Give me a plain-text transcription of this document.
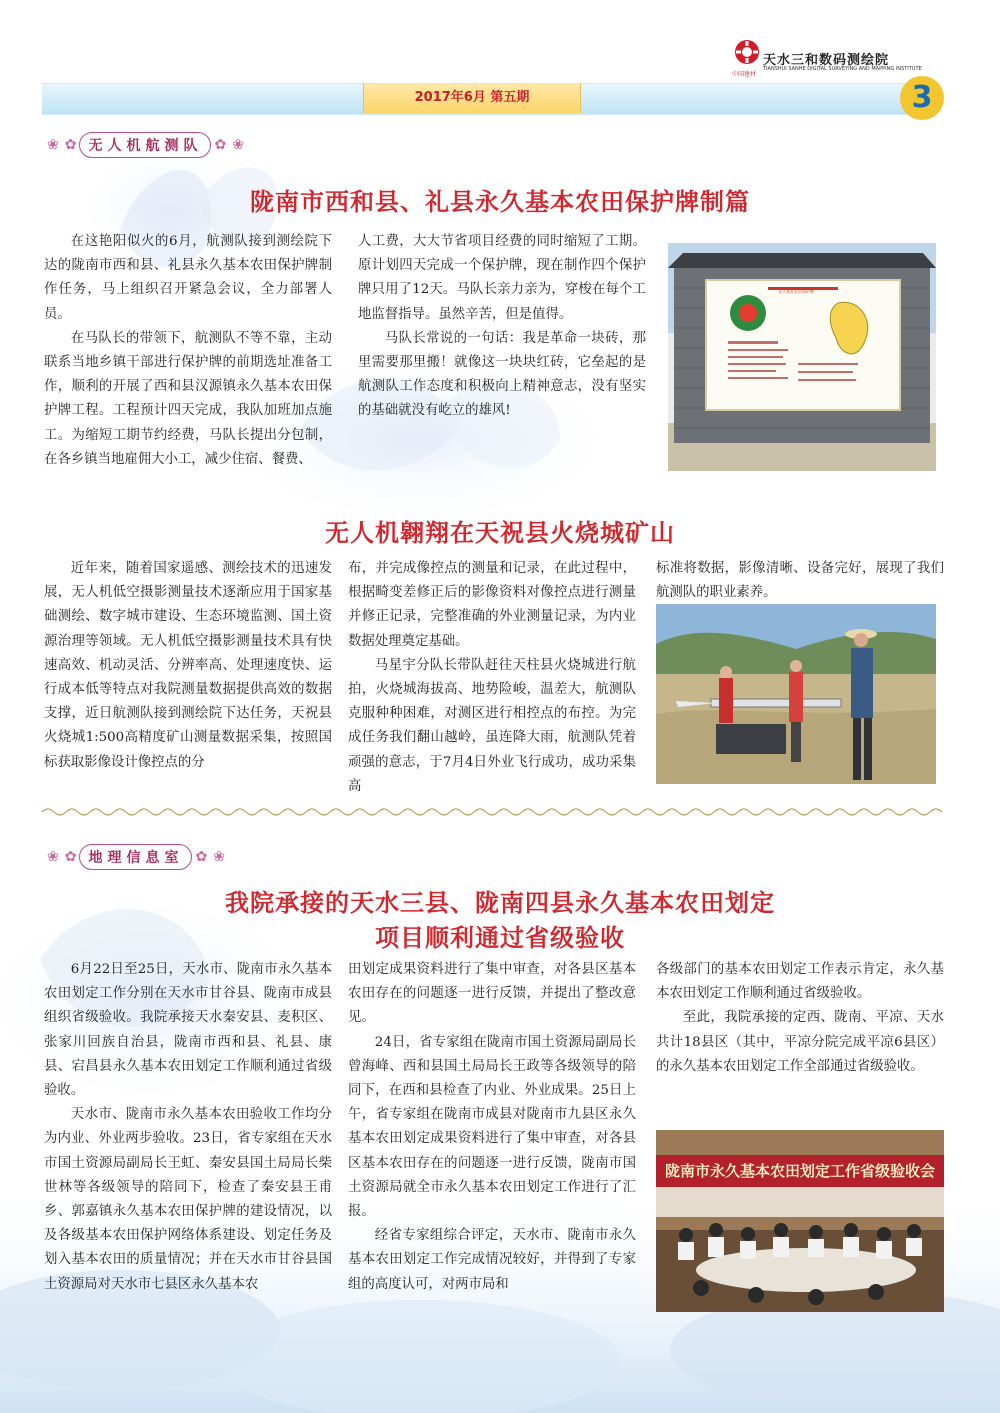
中国建材
天水三和数码测绘院
TIANSHUI SANHE DIGITAL SURVEYING AND MAPPING INSTITUTE
2017年6月 第五期	3
❀ ✿ 无人机航测队 ✿ ❀
陇南市西和县、礼县永久基本农田保护牌制篇

在这艳阳似火的6月，航测队接到测绘院下达的陇南市西和县、礼县永久基本农田保护牌制作任务，马上组织召开紧急会议，全力部署人员。

在马队长的带领下，航测队不等不靠，主动联系当地乡镇干部进行保护牌的前期选址准备工作，顺利的开展了西和县汉源镇永久基本农田保护牌工程。工程预计四天完成，我队加班加点施工。为缩短工期节约经费，马队长提出分包制，在各乡镇当地雇佣大小工，减少住宿、餐费、

人工费，大大节省项目经费的同时缩短了工期。原计划四天完成一个保护牌，现在制作四个保护牌只用了12天。马队长亲力亲为，穿梭在每个工地监督指导。虽然辛苦，但是值得。

马队长常说的一句话：我是革命一块砖，那里需要那里搬！就像这一块块红砖，它垒起的是航测队工作态度和积极向上精神意志，没有坚实的基础就没有屹立的雄风!

永久基本农田保护牌
无人机翱翔在天祝县火烧城矿山

近年来，随着国家遥感、测绘技术的迅速发展，无人机低空摄影测量技术逐渐应用于国家基础测绘、数字城市建设、生态环境监测、国土资源治理等领域。无人机低空摄影测量技术具有快速高效、机动灵活、分辨率高、处理速度快、运行成本低等特点对我院测量数据提供高效的数据支撑，近日航测队接到测绘院下达任务，天祝县火烧城1:500高精度矿山测量数据采集，按照国标获取影像设计像控点的分

布，并完成像控点的测量和记录，在此过程中，根据畸变差修正后的影像资料对像控点进行测量并修正记录，完整准确的外业测量记录，为内业数据处理奠定基础。

马星宇分队长带队赶往天柱县火烧城进行航拍，火烧城海拔高、地势险峻，温差大，航测队克服种种困难，对测区进行相控点的布控。为完成任务我们翻山越岭，虽连降大雨，航测队凭着顽强的意志，于7月4日外业飞行成功，成功采集高

标准将数据，影像清晰、设备完好，展现了我们航测队的职业素养。

❀ ✿ 地理信息室 ✿ ❀
我院承接的天水三县、陇南四县永久基本农田划定
项目顺利通过省级验收

6月22日至25日，天水市、陇南市永久基本农田划定工作分别在天水市甘谷县、陇南市成县组织省级验收。我院承接天水秦安县、麦积区、张家川回族自治县，陇南市西和县、礼县、康县、宕昌县永久基本农田划定工作顺利通过省级验收。

天水市、陇南市永久基本农田验收工作均分为内业、外业两步验收。23日，省专家组在天水市国土资源局副局长王虹、秦安县国土局局长柴世林等各级领导的陪同下，检查了秦安县王甫乡、郭嘉镇永久基本农田保护牌的建设情况，以及各级基本农田保护网络体系建设、划定任务及划入基本农田的质量情况；并在天水市甘谷县国土资源局对天水市七县区永久基本农

田划定成果资料进行了集中审查，对各县区基本农田存在的问题逐一进行反馈，并提出了整改意见。

24日，省专家组在陇南市国土资源局副局长曾海峰、西和县国土局局长王政等各级领导的陪同下，在西和县检查了内业、外业成果。25日上午，省专家组在陇南市成县对陇南市九县区永久基本农田划定成果资料进行了集中审查，对各县区基本农田存在的问题逐一进行反馈，陇南市国土资源局就全市永久基本农田划定工作进行了汇报。

经省专家组综合评定，天水市、陇南市永久基本农田划定工作完成情况较好，并得到了专家组的高度认可，对两市局和

各级部门的基本农田划定工作表示肯定，永久基本农田划定工作顺利通过省级验收。

至此，我院承接的定西、陇南、平凉、天水共计18县区（其中，平凉分院完成平凉6县区）的永久基本农田划定工作全部通过省级验收。

陇南市永久基本农田划定工作省级验收会
